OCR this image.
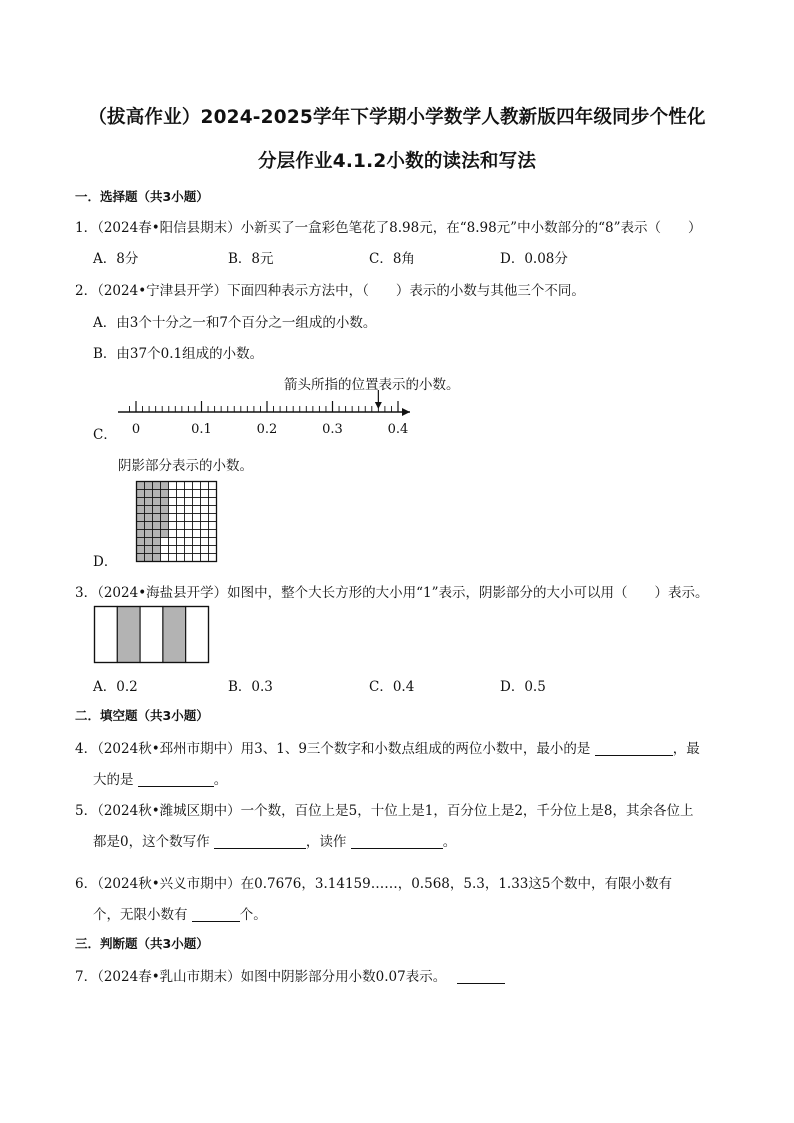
（拔高作业）2024-2025学年下学期小学数学人教新版四年级同步个性化
分层作业4.1.2小数的读法和写法
一．选择题（共3小题）
1．（2024春•阳信县期末）小新买了一盒彩色笔花了8.98元，在“8.98元”中小数部分的“8”表示（　　）
A．8分	B．8元	C．8角	D．0.08分
2．（2024•宁津县开学）下面四种表示方法中，（　　）表示的小数与其他三个不同。
A．由3个十分之一和7个百分之一组成的小数。
B．由37个0.1组成的小数。
箭头所指的位置表示的小数。
C． 0	0.1	0.2	0.3	0.4
阴影部分表示的小数。
D．
3．（2024•海盐县开学）如图中，整个大长方形的大小用“1”表示，阴影部分的大小可以用（　　）表示。
A．0.2	B．0.3	C．0.4	D．0.5
二．填空题（共3小题）
4．（2024秋•邳州市期中）用3、1、9三个数字和小数点组成的两位小数中，最小的是	，最
大的是	。
5．（2024秋•潍城区期中）一个数，百位上是5，十位上是1，百分位上是2，千分位上是8，其余各位上
都是0，这个数写作	，读作	。
6．（2024秋•兴义市期中）在0.7676，3.14159……，0.568，5.3，1.33这5个数中，有限小数有
个，无限小数有	个。
三．判断题（共3小题）
7．（2024春•乳山市期末）如图中阴影部分用小数0.07表示。
